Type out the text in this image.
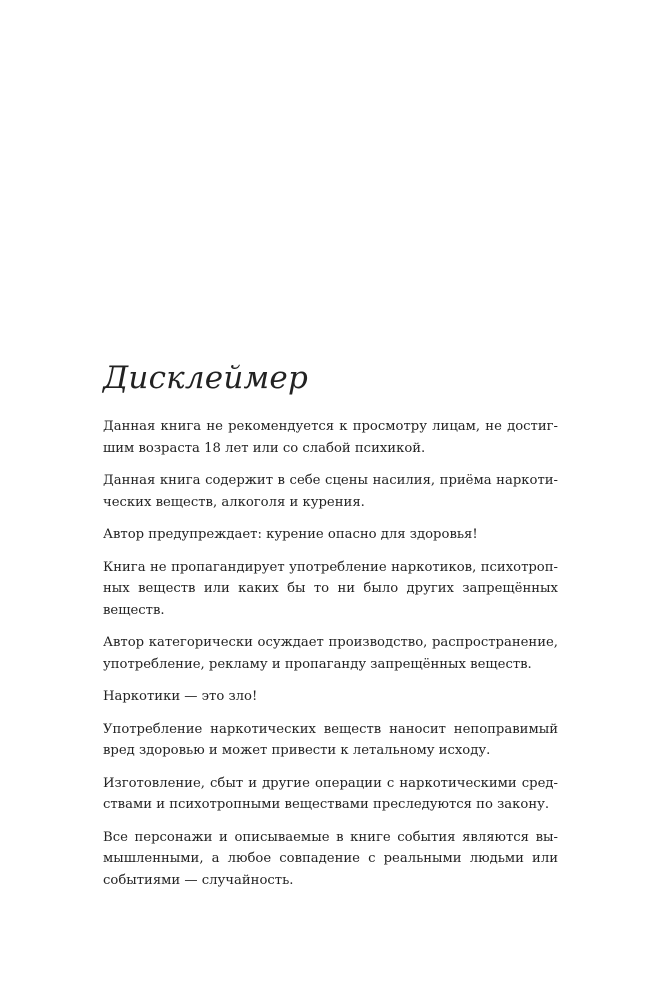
Дисклеймер

Данная книга не рекомендуется к просмотру лицам, не достиг-
шим возраста 18 лет или со слабой психикой.

Данная книга содержит в себе сцены насилия, приёма наркоти-
ческих веществ, алкоголя и курения.

Автор предупреждает: курение опасно для здоровья!

Книга не пропагандирует употребление наркотиков, психотроп-
ных веществ или каких бы то ни было других запрещённых
веществ.

Автор категорически осуждает производство, распространение,
употребление, рекламу и пропаганду запрещённых веществ.

Наркотики — это зло!

Употребление наркотических веществ наносит непоправимый
вред здоровью и может привести к летальному исходу.

Изготовление, сбыт и другие операции с наркотическими сред-
ствами и психотропными веществами преследуются по закону.

Все персонажи и описываемые в книге события являются вы-
мышленными, а любое совпадение с реальными людьми или
событиями — случайность.
